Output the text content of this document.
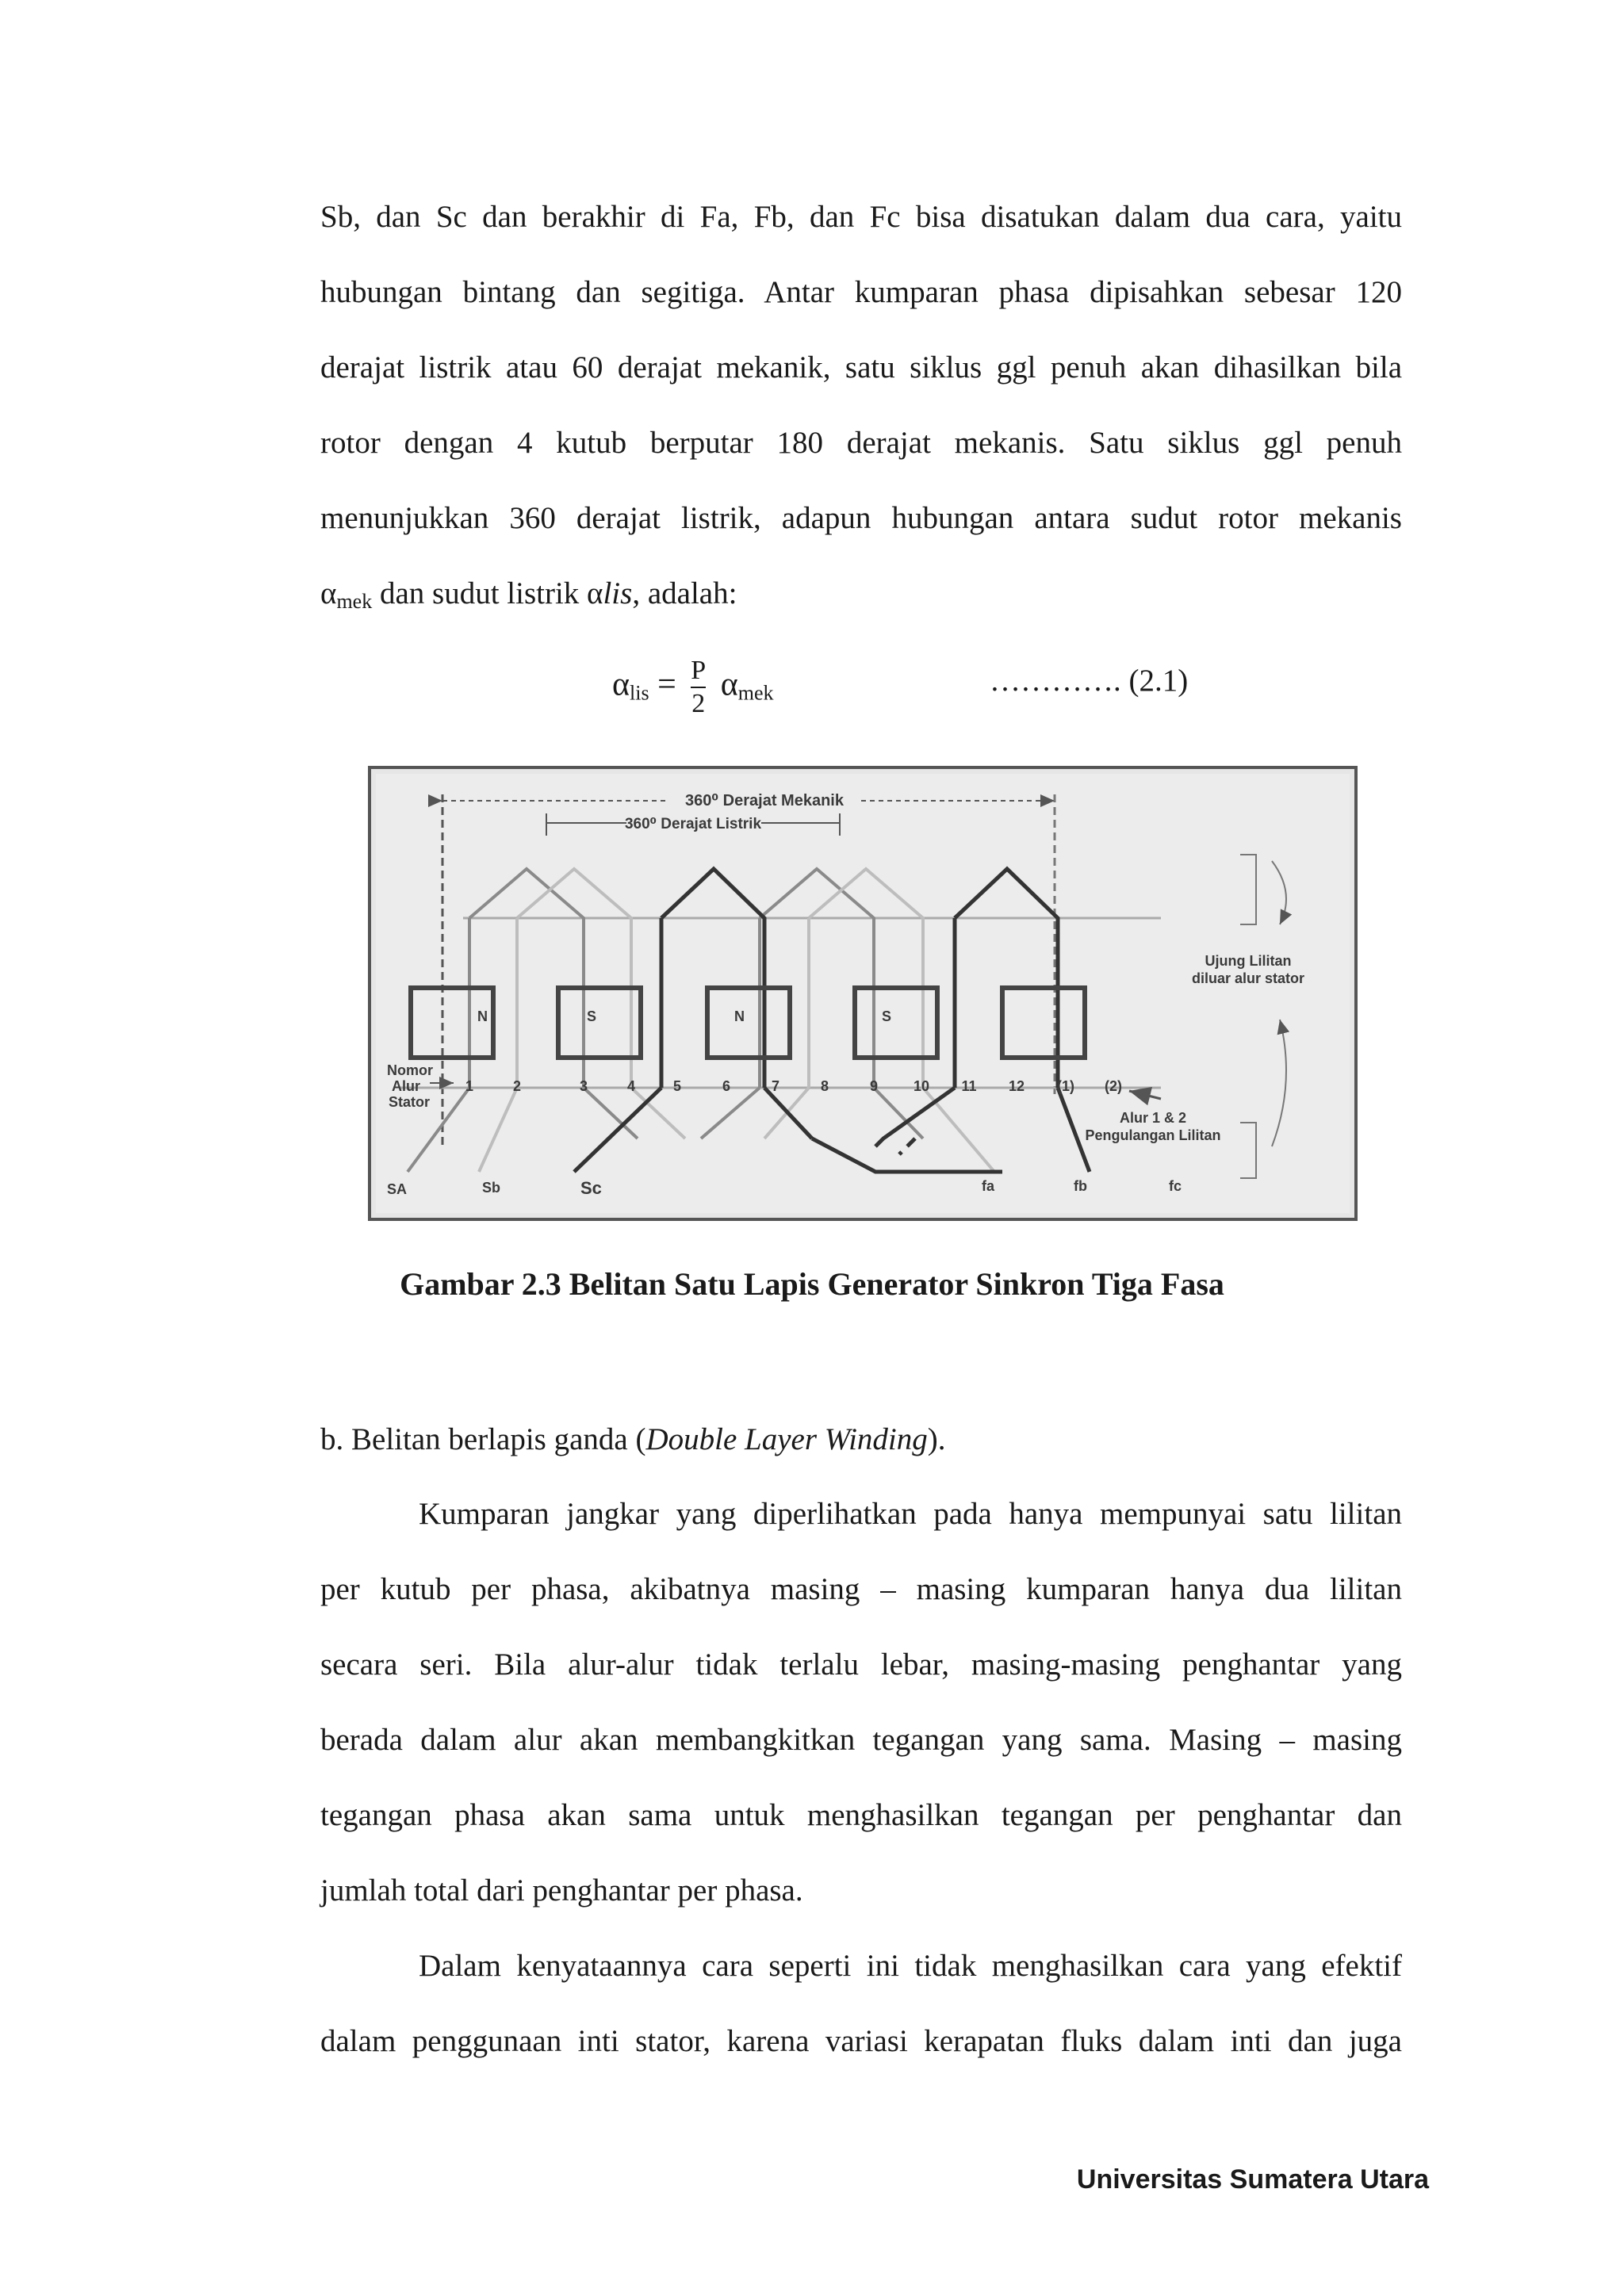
Sb, dan Sc dan berakhir di Fa, Fb, dan Fc bisa disatukan dalam dua cara, yaitu
hubungan bintang dan segitiga. Antar kumparan phasa dipisahkan sebesar 120
derajat listrik atau 60 derajat mekanik, satu siklus ggl penuh akan dihasilkan bila
rotor dengan 4 kutub berputar 180 derajat mekanis. Satu siklus ggl penuh
menunjukkan 360 derajat listrik, adapun hubungan antara sudut rotor mekanis
$\alpha_{mek}$ dan sudut listrik αlis, adalah:
$\alpha_{lis} = \frac{P}{2} \alpha_{mek}$	…………. (2.1)
360⁰ Derajat Mekanik
360⁰ Derajat Listrik
N	S	N	S
Nomor
Alur
Stator
1	2	3	4	5	6	7	8	9 10 11 12 (1) (2)
Ujung Lilitan
diluar alur stator
Alur 1 & 2
Pengulangan Lilitan
SA	Sb	Sc	fa	fb	fc
Gambar 2.3 Belitan Satu Lapis Generator Sinkron Tiga Fasa
b. Belitan berlapis ganda (Double Layer Winding).
Kumparan jangkar yang diperlihatkan pada hanya mempunyai satu lilitan
per kutub per phasa, akibatnya masing – masing kumparan hanya dua lilitan
secara seri. Bila alur-alur tidak terlalu lebar, masing-masing penghantar yang
berada dalam alur akan membangkitkan tegangan yang sama. Masing – masing
tegangan phasa akan sama untuk menghasilkan tegangan per penghantar dan
jumlah total dari penghantar per phasa.
Dalam kenyataannya cara seperti ini tidak menghasilkan cara yang efektif
dalam penggunaan inti stator, karena variasi kerapatan fluks dalam inti dan juga
Universitas Sumatera Utara
